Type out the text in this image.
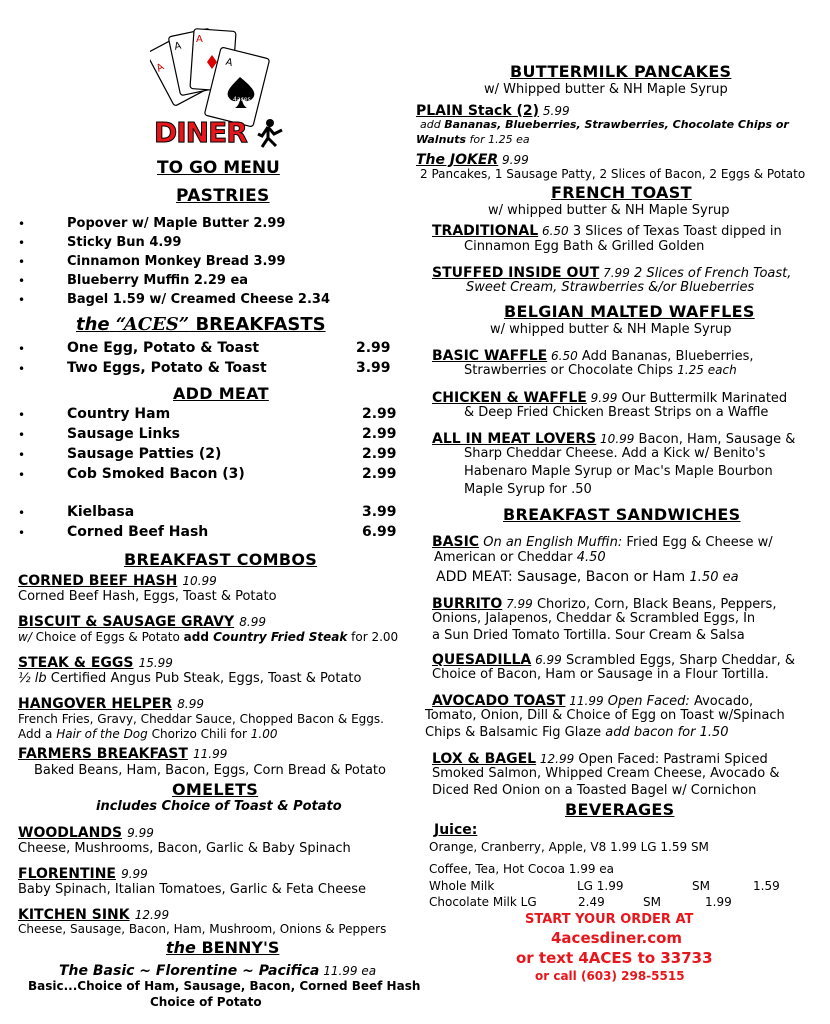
A
A
A
A
4aces
DINER
TO GO MENU
PASTRIES
•	Popover w/ Maple Butter 2.99
•	Sticky Bun 4.99
•	Cinnamon Monkey Bread 3.99
•	Blueberry Muffin 2.29 ea
•	Bagel 1.59 w/ Creamed Cheese 2.34
the “ACES” BREAKFASTS
•	One Egg, Potato & Toast	2.99
•	Two Eggs, Potato & Toast	3.99
ADD MEAT
•	Country Ham	2.99
•	Sausage Links	2.99
•	Sausage Patties (2)	2.99
•	Cob Smoked Bacon (3)	2.99
•	Kielbasa	3.99
•	Corned Beef Hash	6.99
BREAKFAST COMBOS
CORNED BEEF HASH 10.99
Corned Beef Hash, Eggs, Toast & Potato
BISCUIT & SAUSAGE GRAVY 8.99
w/ Choice of Eggs & Potato add Country Fried Steak for 2.00
STEAK & EGGS 15.99
½ lb Certified Angus Pub Steak, Eggs, Toast & Potato
HANGOVER HELPER 8.99
French Fries, Gravy, Cheddar Sauce, Chopped Bacon & Eggs.
Add a Hair of the Dog Chorizo Chili for 1.00
FARMERS BREAKFAST 11.99
Baked Beans, Ham, Bacon, Eggs, Corn Bread & Potato
OMELETS
includes Choice of Toast & Potato
WOODLANDS 9.99
Cheese, Mushrooms, Bacon, Garlic & Baby Spinach
FLORENTINE 9.99
Baby Spinach, Italian Tomatoes, Garlic & Feta Cheese
KITCHEN SINK 12.99
Cheese, Sausage, Bacon, Ham, Mushroom, Onions & Peppers
the BENNY'S
The Basic ~ Florentine ~ Pacifica 11.99 ea
Basic...Choice of Ham, Sausage, Bacon, Corned Beef Hash
Choice of Potato
BUTTERMILK PANCAKES
w/ Whipped butter & NH Maple Syrup
PLAIN Stack (2) 5.99
add Bananas, Blueberries, Strawberries, Chocolate Chips or
Walnuts for 1.25 ea
The JOKER 9.99
2 Pancakes, 1 Sausage Patty, 2 Slices of Bacon, 2 Eggs & Potato
FRENCH TOAST
w/ whipped butter & NH Maple Syrup
TRADITIONAL 6.50 3 Slices of Texas Toast dipped in
Cinnamon Egg Bath & Grilled Golden
STUFFED INSIDE OUT 7.99 2 Slices of French Toast,
Sweet Cream, Strawberries &/or Blueberries
BELGIAN MALTED WAFFLES
w/ whipped butter & NH Maple Syrup
BASIC WAFFLE 6.50 Add Bananas, Blueberries,
Strawberries or Chocolate Chips 1.25 each
CHICKEN & WAFFLE 9.99 Our Buttermilk Marinated
& Deep Fried Chicken Breast Strips on a Waffle
ALL IN MEAT LOVERS 10.99 Bacon, Ham, Sausage &
Sharp Cheddar Cheese. Add a Kick w/ Benito's
Habenaro Maple Syrup or Mac's Maple Bourbon
Maple Syrup for .50
BREAKFAST SANDWICHES
BASIC On an English Muffin: Fried Egg & Cheese w/
American or Cheddar 4.50
ADD MEAT: Sausage, Bacon or Ham 1.50 ea
BURRITO 7.99 Chorizo, Corn, Black Beans, Peppers,
Onions, Jalapenos, Cheddar & Scrambled Eggs, In
a Sun Dried Tomato Tortilla. Sour Cream & Salsa
QUESADILLA 6.99 Scrambled Eggs, Sharp Cheddar, &
Choice of Bacon, Ham or Sausage in a Flour Tortilla.
AVOCADO TOAST 11.99 Open Faced: Avocado,
Tomato, Onion, Dill & Choice of Egg on Toast w/Spinach
Chips & Balsamic Fig Glaze add bacon for 1.50
LOX & BAGEL 12.99 Open Faced: Pastrami Spiced
Smoked Salmon, Whipped Cream Cheese, Avocado &
Diced Red Onion on a Toasted Bagel w/ Cornichon
BEVERAGES
Juice:
Orange, Cranberry, Apple, V8 1.99 LG 1.59 SM
Coffee, Tea, Hot Cocoa 1.99 ea
Whole Milk	LG 1.99	SM	1.59
Chocolate Milk LG	2.49	SM	1.99
START YOUR ORDER AT
4acesdiner.com
or text 4ACES to 33733
or call (603) 298-5515
